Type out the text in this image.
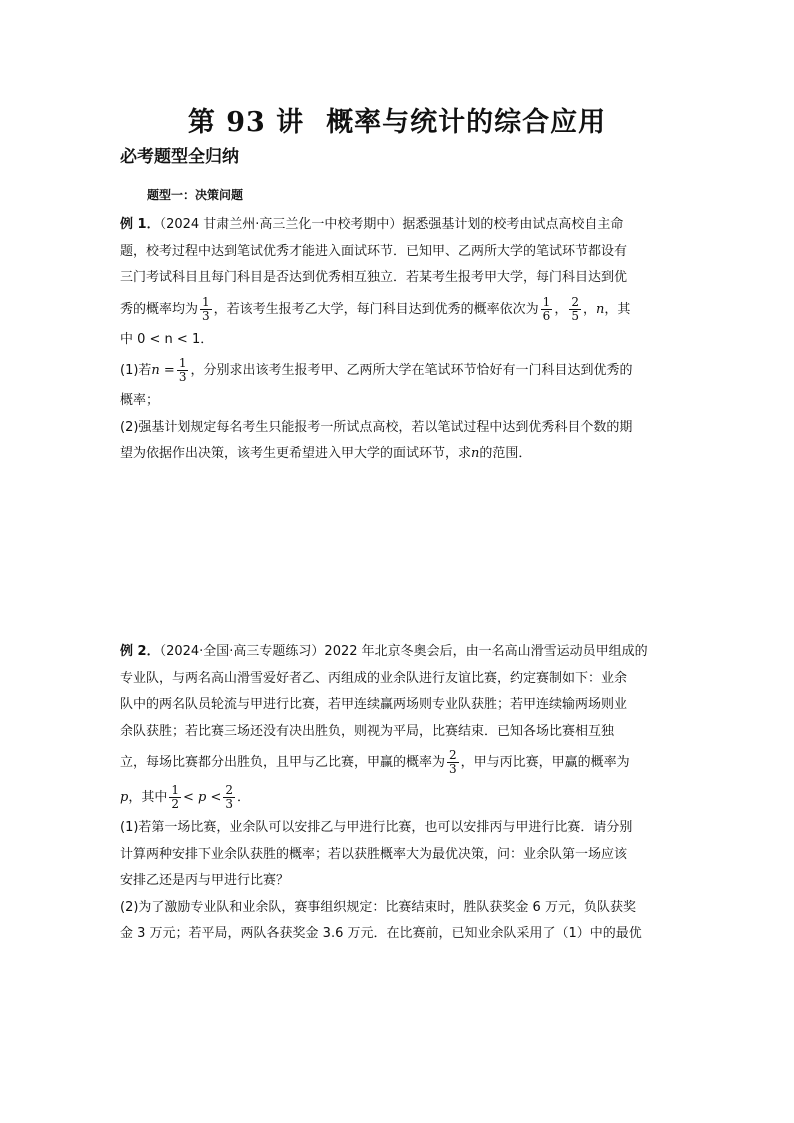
第 93 讲 概率与统计的综合应用
必考题型全归纳
题型一：决策问题
例 1．（2024 甘肃兰州·高三兰化一中校考期中）据悉强基计划的校考由试点高校自主命
题，校考过程中达到笔试优秀才能进入面试环节．已知甲、乙两所大学的笔试环节都设有
三门考试科目且每门科目是否达到优秀相互独立．若某考生报考甲大学，每门科目达到优
秀的概率均为 $\frac{1}{3}$ ，若该考生报考乙大学，每门科目达到优秀的概率依次为 $\frac{1}{6}$ ， $\frac{2}{5}$ ，n，其
中 0 < n < 1．
(1)若$n = \frac{1}{3}$ ，分别求出该考生报考甲、乙两所大学在笔试环节恰好有一门科目达到优秀的
概率；
(2)强基计划规定每名考生只能报考一所试点高校，若以笔试过程中达到优秀科目个数的期
望为依据作出决策，该考生更希望进入甲大学的面试环节，求n的范围．
例 2．（2024·全国·高三专题练习）2022 年北京冬奥会后，由一名高山滑雪运动员甲组成的
专业队，与两名高山滑雪爱好者乙、丙组成的业余队进行友谊比赛，约定赛制如下：业余
队中的两名队员轮流与甲进行比赛，若甲连续赢两场则专业队获胜；若甲连续输两场则业
余队获胜；若比赛三场还没有决出胜负，则视为平局，比赛结束．已知各场比赛相互独
立，每场比赛都分出胜负，且甲与乙比赛，甲赢的概率为 $\frac{2}{3}$ ，甲与丙比赛，甲赢的概率为
p，其中 $\frac{1}{2} < p < \frac{2}{3}$ ．
(1)若第一场比赛，业余队可以安排乙与甲进行比赛，也可以安排丙与甲进行比赛．请分别
计算两种安排下业余队获胜的概率；若以获胜概率大为最优决策，问：业余队第一场应该
安排乙还是丙与甲进行比赛？
(2)为了激励专业队和业余队，赛事组织规定：比赛结束时，胜队获奖金 6 万元，负队获奖
金 3 万元；若平局，两队各获奖金 3.6 万元．在比赛前，已知业余队采用了（1）中的最优
